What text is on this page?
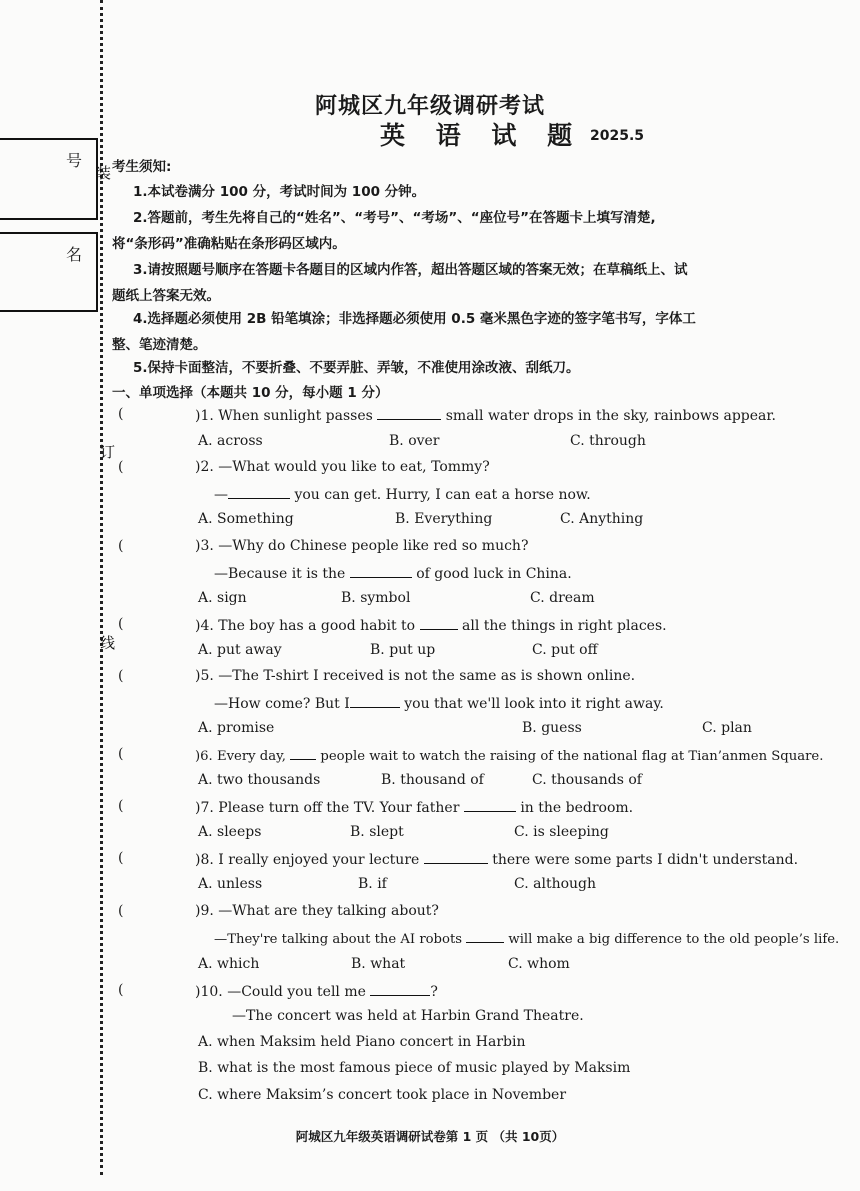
号
名
装
订
线
阿城区九年级调研考试
英 语 试 题 2025.5
考生须知:
1.本试卷满分 100 分，考试时间为 100 分钟。
2.答题前，考生先将自己的“姓名”、“考号”、“考场”、“座位号”在答题卡上填写清楚,
将“条形码”准确粘贴在条形码区域内。
3.请按照题号顺序在答题卡各题目的区域内作答，超出答题区域的答案无效；在草稿纸上、试
题纸上答案无效。
4.选择题必须使用 2B 铅笔填涂；非选择题必须使用 0.5 毫米黑色字迹的签字笔书写，字体工
整、笔迹清楚。
5.保持卡面整洁，不要折叠、不要弄脏、弄皱，不准使用涂改液、刮纸刀。
一、单项选择（本题共 10 分，每小题 1 分）
(	)1. When sunlight passes	small water drops in the sky, rainbows appear.
A. across	B. over	C. through
(	)2. —What would you like to eat, Tommy?
—	you can get. Hurry, I can eat a horse now.
A. Something	B. Everything	C. Anything
(	)3. —Why do Chinese people like red so much?
—Because it is the	of good luck in China.
A. sign	B. symbol	C. dream
(	)4. The boy has a good habit to	all the things in right places.
A. put away	B. put up	C. put off
(	)5. —The T-shirt I received is not the same as is shown online.
—How come? But I	you that we'll look into it right away.
A. promise	B. guess	C. plan
(	)6. Every day,	people wait to watch the raising of the national flag at Tian’anmen Square.
A. two thousands	B. thousand of	C. thousands of
(	)7. Please turn off the TV. Your father	in the bedroom.
A. sleeps	B. slept	C. is sleeping
(	)8. I really enjoyed your lecture	there were some parts I didn't understand.
A. unless	B. if	C. although
(	)9. —What are they talking about?
—They're talking about the AI robots	will make a big difference to the old people’s life.
A. which	B. what	C. whom
(	)10. —Could you tell me	?
—The concert was held at Harbin Grand Theatre.
A. when Maksim held Piano concert in Harbin
B. what is the most famous piece of music played by Maksim
C. where Maksim’s concert took place in November
阿城区九年级英语调研试卷第 1 页 （共 10页）
